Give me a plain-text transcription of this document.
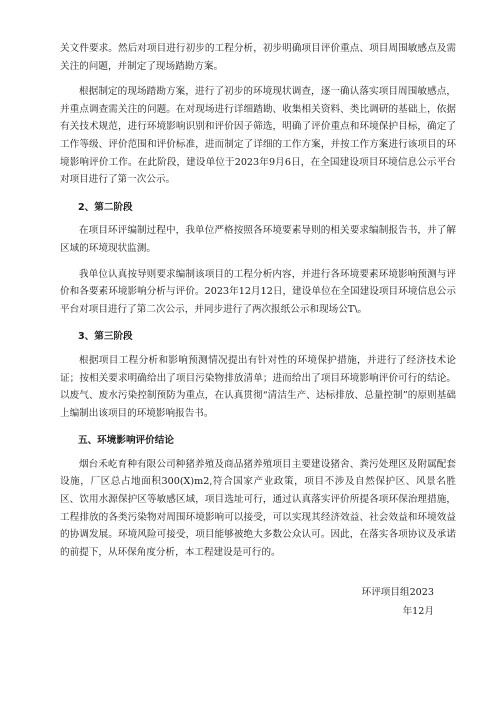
关文件要求。然后对项目进行初步的工程分析，初步明确项目评价重点、项目周围敏感点及需关注的问题，并制定了现场踏勘方案。

根据制定的现场踏勘方案，进行了初步的环境现状调查，逐一确认落实项目周围敏感点，并重点调查需关注的问题。在对现场进行详细踏勘、收集相关资料、类比调研的基础上，依据有关技术规范，进行环境影响识别和评价因子筛选，明确了评价重点和环境保护目标，确定了工作等级、评价范围和评价标准，进而制定了详细的工作方案，并按工作方案进行该项目的环境影响评价工作。在此阶段，建设单位于2023年9月6日，在全国建设项目环境信息公示平台对项目进行了第一次公示。

2、第二阶段

在项目环评编制过程中，我单位严格按照各环境要素导则的相关要求编制报告书，并了解区域的环境现状监测。

我单位认真按导则要求编制该项目的工程分析内容，并进行各环境要素环境影响预测与评价和各要素环境影响分析与评价。2023年12月12日，建设单位在全国建设项目环境信息公示平台对项目进行了第二次公示，并同步进行了两次报纸公示和现场公T\。

3、第三阶段

根据项目工程分析和影响预测情况提出有针对性的环境保护措施，并进行了经济技术论证；按相关要求明确给出了项目污染物排放清单；进而给出了项目环境影响评价可行的结论。以废气、废水污染控制预防为重点，在认真贯彻“清洁生产、达标排放、总量控制”的原则基础上编制出该项目的环境影响报告书。

五、环境影响评价结论

烟台禾屹育种有限公司种猪养殖及商品猪养殖项目主要建设猪舍、粪污处理区及附属配套设施，厂区总占地面积300(X)m2,符合国家产业政策，项目不涉及自然保护区、风景名胜区、饮用水源保护区等敏感区域，项目选址可行，通过认真落实评价所提各项环保治理措施，工程排放的各类污染物对周围环境影响可以接受，可以实现其经济效益、社会效益和环境效益的协调发展。环境风险可接受，项目能够被绝大多数公众认可。因此，在落实各项协议及承诺的前提下，从环保角度分析，本工程建设是可行的。

环评项目组2023
年12月
